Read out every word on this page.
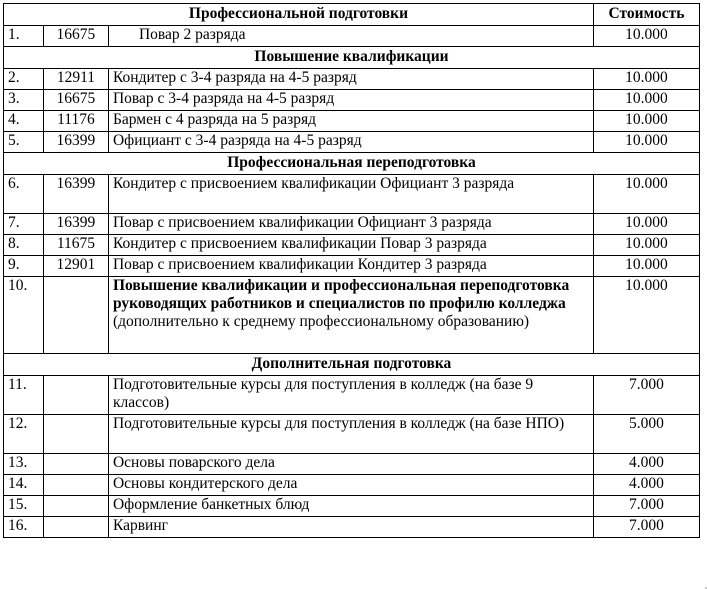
Профессиональной подготовки			Стоимость
1.	16675	Повар 2 разряда	10.000
Повышение квалификации			
2.	12911	Кондитер с 3-4 разряда на 4-5 разряд	10.000
3.	16675	Повар с 3-4 разряда на 4-5 разряд	10.000
4.	11176	Бармен с 4 разряда на 5 разряд	10.000
5.	16399	Официант с 3-4 разряда на 4-5 разряд	10.000
Профессиональная переподготовка			
6.	16399	Кондитер с присвоением квалификации Официант 3 разряда	10.000
7.	16399	Повар с присвоением квалификации Официант 3 разряда	10.000
8.	11675	Кондитер с присвоением квалификации Повар 3 разряда	10.000
9.	12901	Повар с присвоением квалификации Кондитер 3 разряда	10.000
10.		Повышение квалификации и профессиональная переподготовка руководящих работников и специалистов по профилю колледжа (дополнительно к среднему профессиональному образованию)	10.000
Дополнительная подготовка			
11.		Подготовительные курсы для поступления в колледж (на базе 9 классов)	7.000
12.		Подготовительные курсы для поступления в колледж (на базе НПО)	5.000
13.		Основы поварского дела	4.000
14.		Основы кондитерского дела	4.000
15.		Оформление банкетных блюд	7.000
16.		Карвинг	7.000
